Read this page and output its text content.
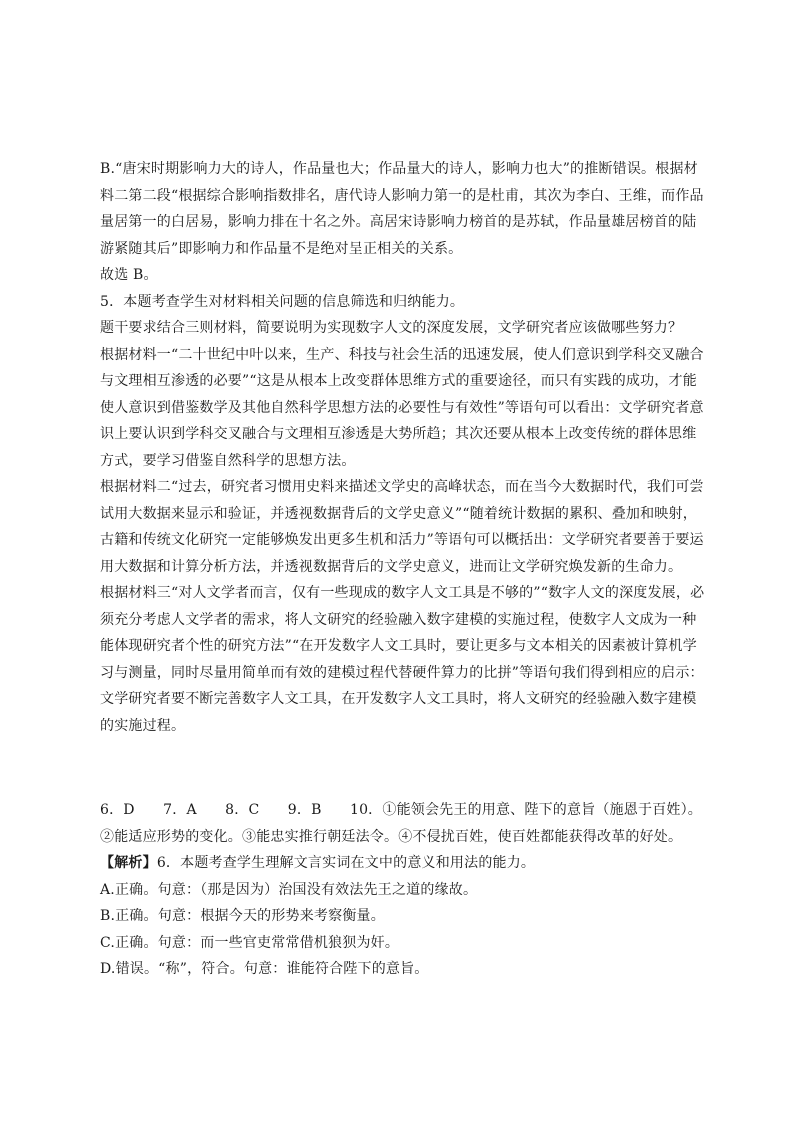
B.“唐宋时期影响力大的诗人，作品量也大；作品量大的诗人，影响力也大”的推断错误。根据材料二第二段“根据综合影响指数排名，唐代诗人影响力第一的是杜甫，其次为李白、王维，而作品量居第一的白居易，影响力排在十名之外。高居宋诗影响力榜首的是苏轼，作品量雄居榜首的陆游紧随其后”即影响力和作品量不是绝对呈正相关的关系。

故选 B。

5．本题考查学生对材料相关问题的信息筛选和归纳能力。

题干要求结合三则材料，简要说明为实现数字人文的深度发展，文学研究者应该做哪些努力？

根据材料一“二十世纪中叶以来，生产、科技与社会生活的迅速发展，使人们意识到学科交叉融合与文理相互渗透的必要”“这是从根本上改变群体思维方式的重要途径，而只有实践的成功，才能使人意识到借鉴数学及其他自然科学思想方法的必要性与有效性”等语句可以看出：文学研究者意识上要认识到学科交叉融合与文理相互渗透是大势所趋；其次还要从根本上改变传统的群体思维方式，要学习借鉴自然科学的思想方法。

根据材料二“过去，研究者习惯用史料来描述文学史的高峰状态，而在当今大数据时代，我们可尝试用大数据来显示和验证，并透视数据背后的文学史意义”“随着统计数据的累积、叠加和映射，古籍和传统文化研究一定能够焕发出更多生机和活力”等语句可以概括出：文学研究者要善于要运用大数据和计算分析方法，并透视数据背后的文学史意义，进而让文学研究焕发新的生命力。

根据材料三“对人文学者而言，仅有一些现成的数字人文工具是不够的”“数字人文的深度发展，必须充分考虑人文学者的需求，将人文研究的经验融入数字建模的实施过程，使数字人文成为一种能体现研究者个性的研究方法”“在开发数字人文工具时，要让更多与文本相关的因素被计算机学习与测量，同时尽量用简单而有效的建模过程代替硬件算力的比拼”等语句我们得到相应的启示：文学研究者要不断完善数字人文工具，在开发数字人文工具时，将人文研究的经验融入数字建模的实施过程。

6．D　　7．A　　8．C　　9．B　　10．①能领会先王的用意、陛下的意旨（施恩于百姓）。②能适应形势的变化。③能忠实推行朝廷法令。④不侵扰百姓，使百姓都能获得改革的好处。

【解析】6．本题考查学生理解文言实词在文中的意义和用法的能力。

A.正确。句意：（那是因为）治国没有效法先王之道的缘故。

B.正确。句意：根据今天的形势来考察衡量。

C.正确。句意：而一些官吏常常借机狼狈为奸。

D.错误。“称”，符合。句意：谁能符合陛下的意旨。
